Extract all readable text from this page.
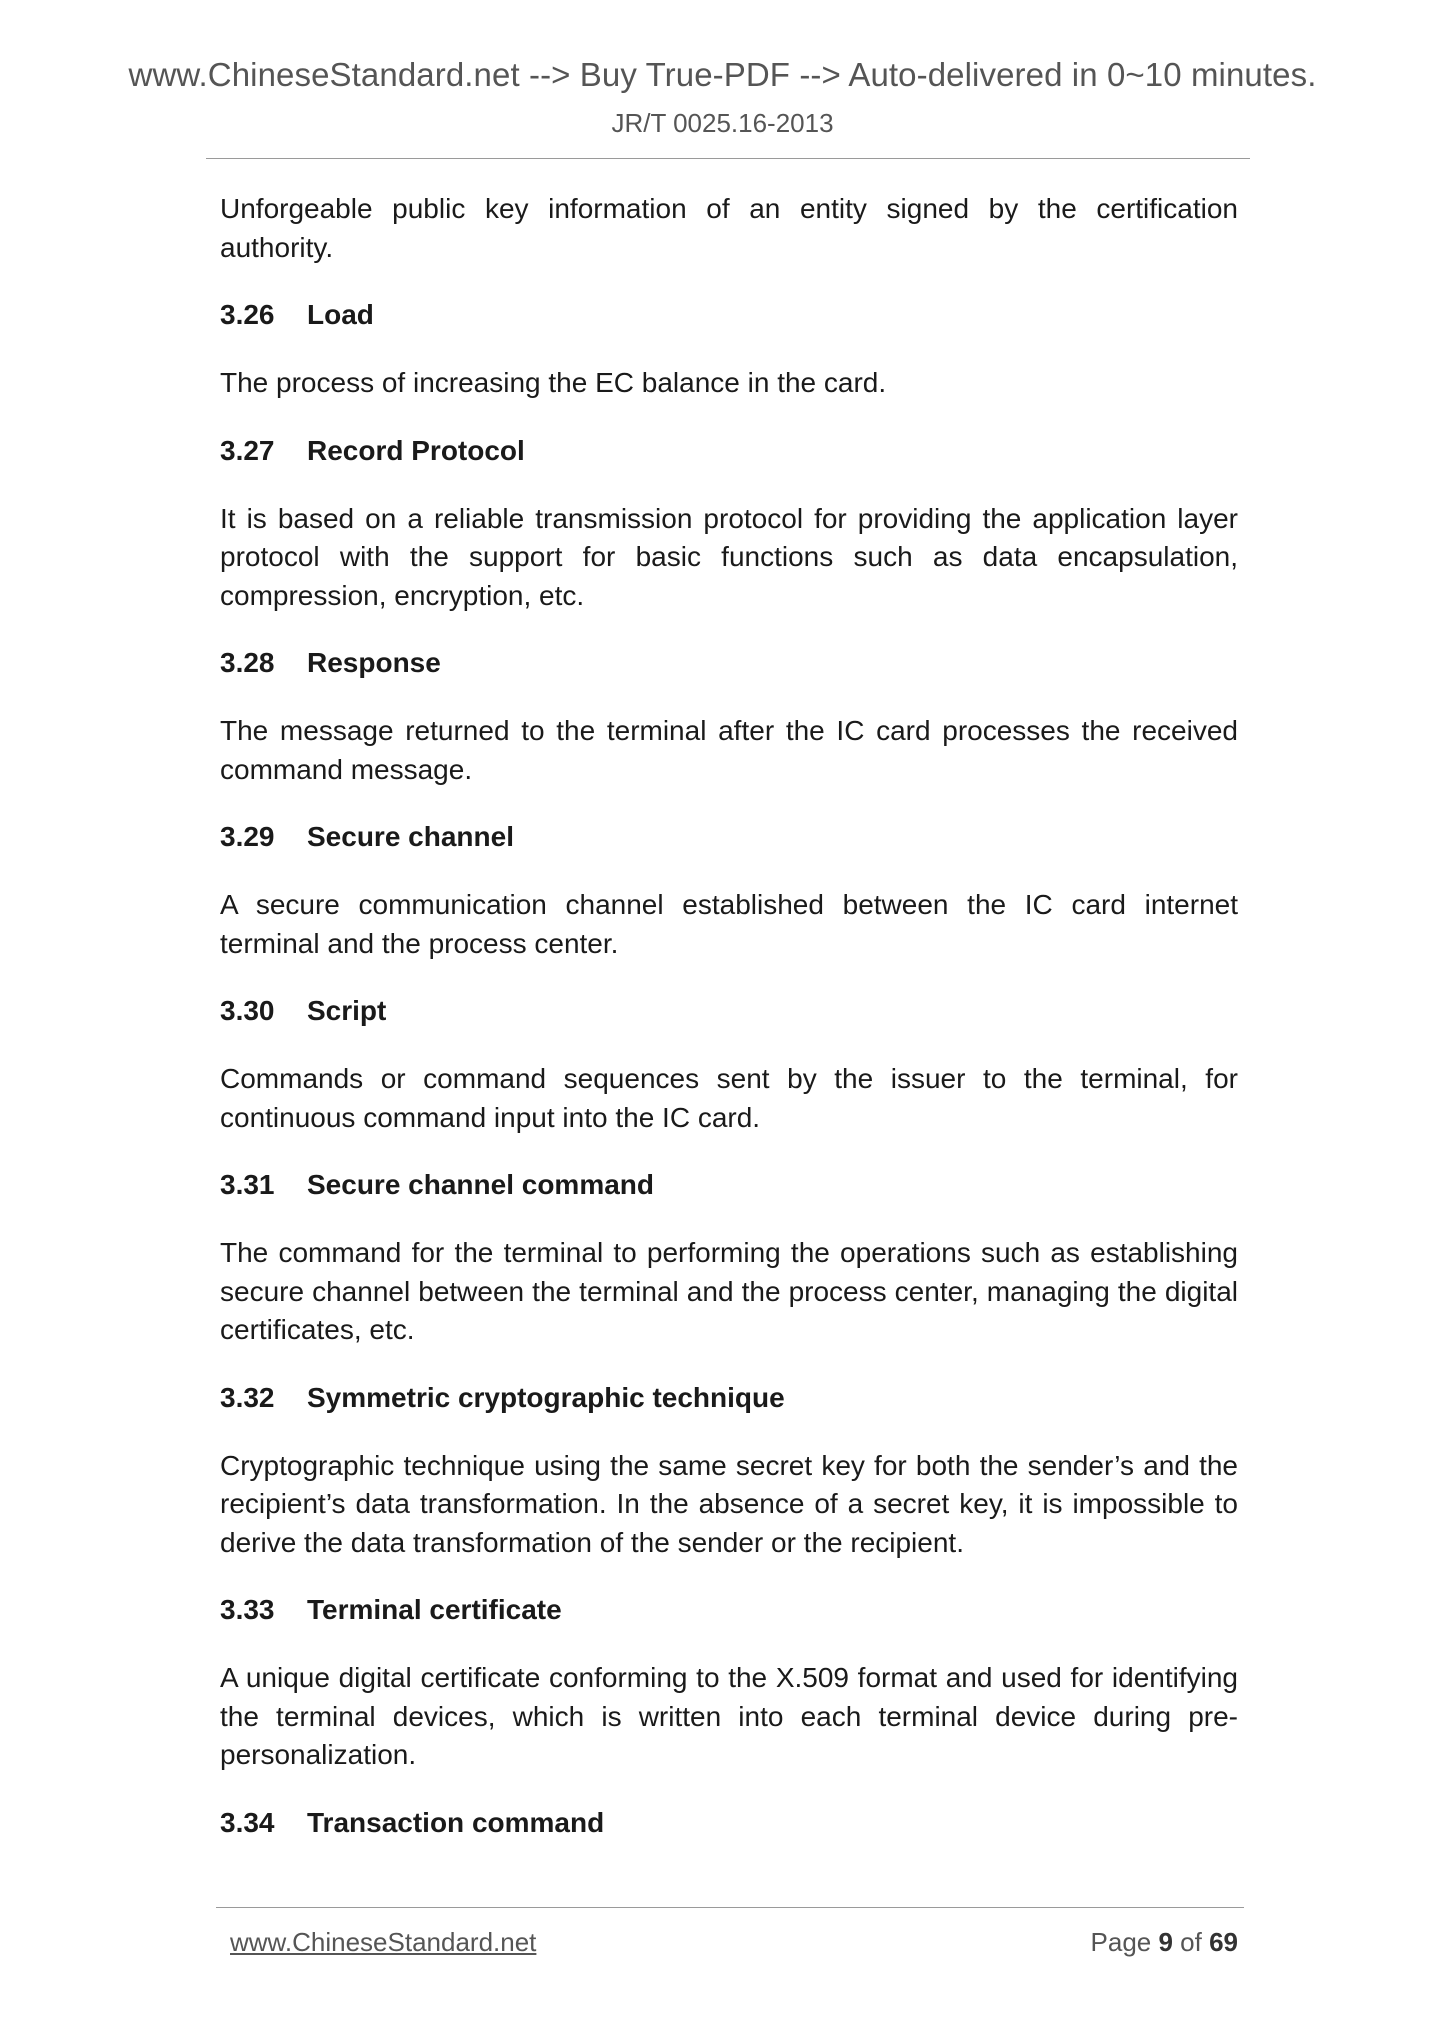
www.ChineseStandard.net --> Buy True-PDF --> Auto-delivered in 0~10 minutes.
JR/T 0025.16-2013

Unforgeable public key information of an entity signed by the certification authority.

3.26 Load

The process of increasing the EC balance in the card.

3.27 Record Protocol

It is based on a reliable transmission protocol for providing the application layer protocol with the support for basic functions such as data encapsulation, compression, encryption, etc.

3.28 Response

The message returned to the terminal after the IC card processes the received command message.

3.29 Secure channel

A secure communication channel established between the IC card internet terminal and the process center.

3.30 Script

Commands or command sequences sent by the issuer to the terminal, for continuous command input into the IC card.

3.31 Secure channel command

The command for the terminal to performing the operations such as establishing secure channel between the terminal and the process center, managing the digital certificates, etc.

3.32 Symmetric cryptographic technique

Cryptographic technique using the same secret key for both the sender’s and the recipient’s data transformation. In the absence of a secret key, it is impossible to derive the data transformation of the sender or the recipient.

3.33 Terminal certificate

A unique digital certificate conforming to the X.509 format and used for identifying the terminal devices, which is written into each terminal device during pre-personalization.

3.34 Transaction command
www.ChineseStandard.net	Page 9 of 69
